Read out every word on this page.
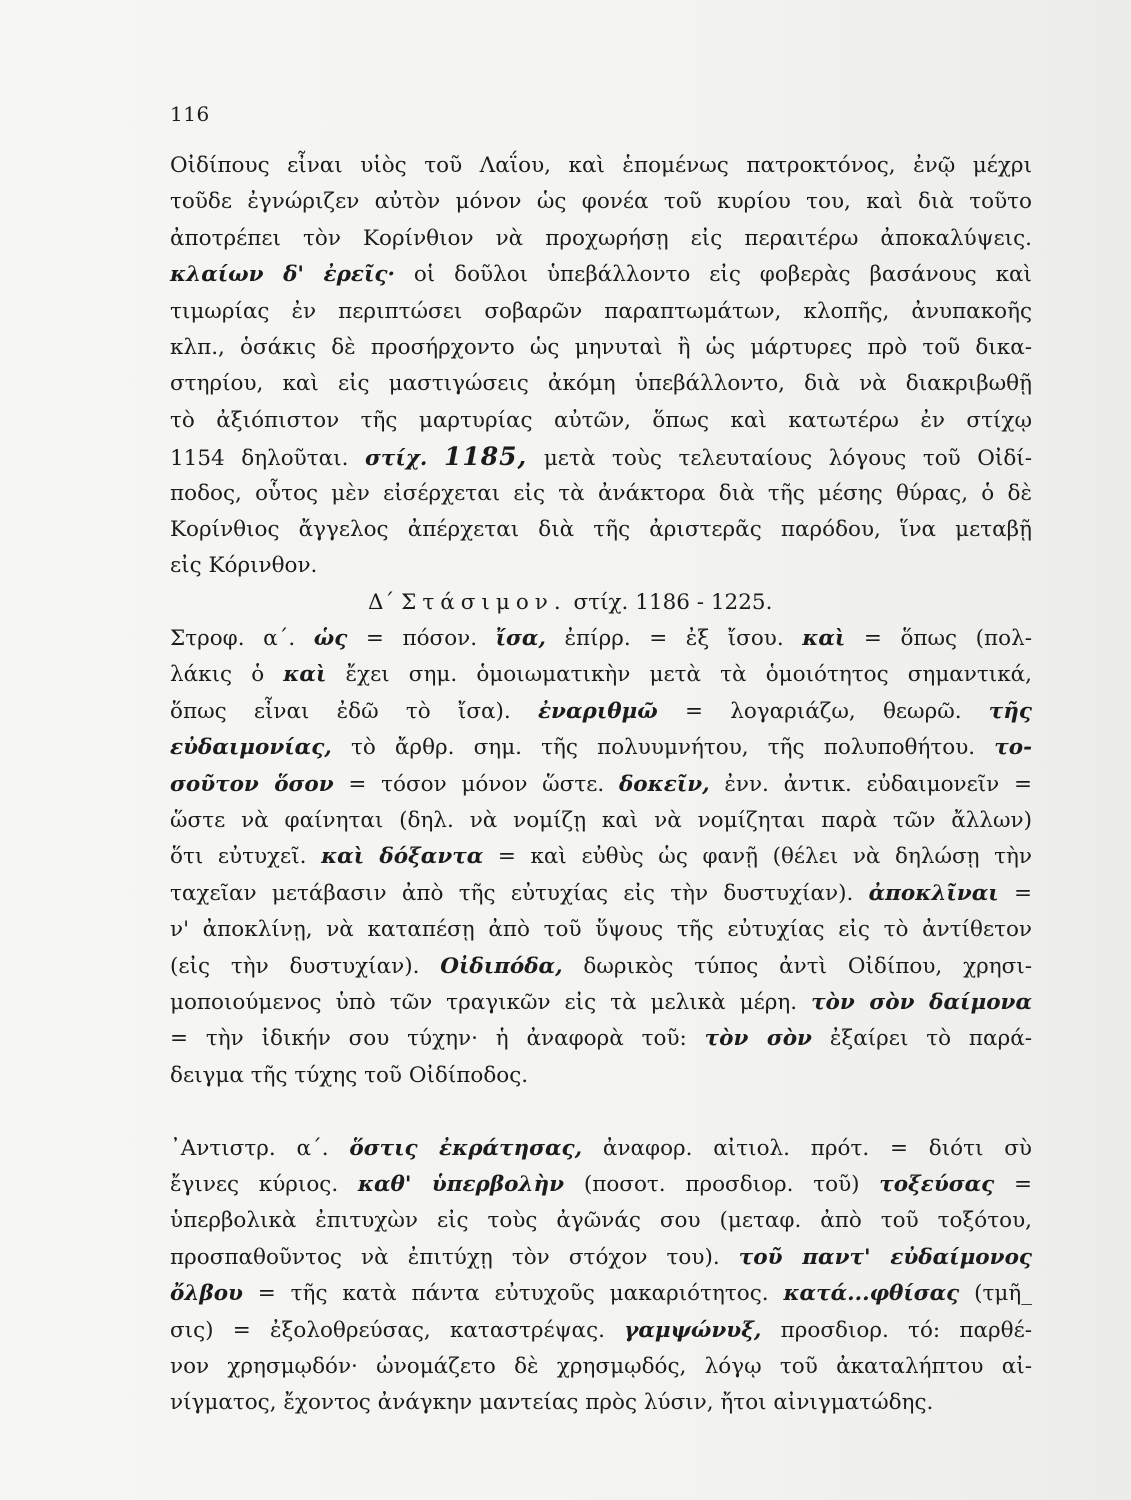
116
Οἰδίπους εἶναι υἱὸς τοῦ Λαΐου, καὶ ἑπομένως πατροκτόνος, ἐνῷ μέχρι
τοῦδε ἐγνώριζεν αὐτὸν μόνον ὡς φονέα τοῦ κυρίου του, καὶ διὰ τοῦτο
ἀποτρέπει τὸν Κορίνθιον νὰ προχωρήσῃ εἰς περαιτέρω ἀποκαλύψεις.
κλαίων δ' ἐρεῖς· οἱ δοῦλοι ὑπεβάλλοντο εἰς φοβερὰς βασάνους καὶ
τιμωρίας ἐν περιπτώσει σοβαρῶν παραπτωμάτων, κλοπῆς, ἀνυπακοῆς
κλπ., ὁσάκις δὲ προσήρχοντο ὡς μηνυταὶ ἢ ὡς μάρτυρες πρὸ τοῦ δικα-
στηρίου, καὶ εἰς μαστιγώσεις ἀκόμη ὑπεβάλλοντο, διὰ νὰ διακριβωθῇ
τὸ ἀξιόπιστον τῆς μαρτυρίας αὐτῶν, ὅπως καὶ κατωτέρω ἐν στίχῳ
1154 δηλοῦται. στίχ. 1185, μετὰ τοὺς τελευταίους λόγους τοῦ Οἰδί-
ποδος, οὗτος μὲν εἰσέρχεται εἰς τὰ ἀνάκτορα διὰ τῆς μέσης θύρας, ὁ δὲ
Κορίνθιος ἄγγελος ἀπέρχεται διὰ τῆς ἀριστερᾶς παρόδου, ἵνα μεταβῇ
εἰς Κόρινθον.
Δ΄ Στάσιμον. στίχ. 1186 - 1225.
Στροφ. α΄. ὡς = πόσον. ἴσα, ἐπίρρ. = ἐξ ἴσου. καὶ = ὅπως (πολ-
λάκις ὁ καὶ ἔχει σημ. ὁμοιωματικὴν μετὰ τὰ ὁμοιότητος σημαντικά,
ὅπως εἶναι ἐδῶ τὸ ἴσα). ἐναριθμῶ = λογαριάζω, θεωρῶ. τῆς
εὐδαιμονίας, τὸ ἄρθρ. σημ. τῆς πολυυμνήτου, τῆς πολυποθήτου. το-
σοῦτον ὅσον = τόσον μόνον ὥστε. δοκεῖν, ἐνν. ἀντικ. εὐδαιμονεῖν =
ὥστε νὰ φαίνηται (δηλ. νὰ νομίζῃ καὶ νὰ νομίζηται παρὰ τῶν ἄλλων)
ὅτι εὐτυχεῖ. καὶ δόξαντα = καὶ εὐθὺς ὡς φανῇ (θέλει νὰ δηλώσῃ τὴν
ταχεῖαν μετάβασιν ἀπὸ τῆς εὐτυχίας εἰς τὴν δυστυχίαν). ἀποκλῖναι =
ν' ἀποκλίνῃ, νὰ καταπέσῃ ἀπὸ τοῦ ὕψους τῆς εὐτυχίας εἰς τὸ ἀντίθετον
(εἰς τὴν δυστυχίαν). Οἰδιπόδα, δωρικὸς τύπος ἀντὶ Οἰδίπου, χρησι-
μοποιούμενος ὑπὸ τῶν τραγικῶν εἰς τὰ μελικὰ μέρη. τὸν σὸν δαίμονα
= τὴν ἰδικήν σου τύχην· ἡ ἀναφορὰ τοῦ: τὸν σὸν ἐξαίρει τὸ παρά-
δειγμα τῆς τύχης τοῦ Οἰδίποδος.
᾿Αντιστρ. α΄. ὅστις ἐκράτησας, ἀναφορ. αἰτιολ. πρότ. = διότι σὺ
ἔγινες κύριος. καθ' ὑπερβολὴν (ποσοτ. προσδιορ. τοῦ) τοξεύσας =
ὑπερβολικὰ ἐπιτυχὼν εἰς τοὺς ἀγῶνάς σου (μεταφ. ἀπὸ τοῦ τοξότου,
προσπαθοῦντος νὰ ἐπιτύχῃ τὸν στόχον του). τοῦ παντ' εὐδαίμονος
ὄλβου = τῆς κατὰ πάντα εὐτυχοῦς μακαριότητος. κατά...φθίσας (τμῆ_
σις) = ἐξολοθρεύσας, καταστρέψας. γαμψώνυξ, προσδιορ. τό: παρθέ-
νον χρησμῳδόν· ὠνομάζετο δὲ χρησμῳδός, λόγῳ τοῦ ἀκαταλήπτου αἰ-
νίγματος, ἔχοντος ἀνάγκην μαντείας πρὸς λύσιν, ἤτοι αἰνιγματώδης.
